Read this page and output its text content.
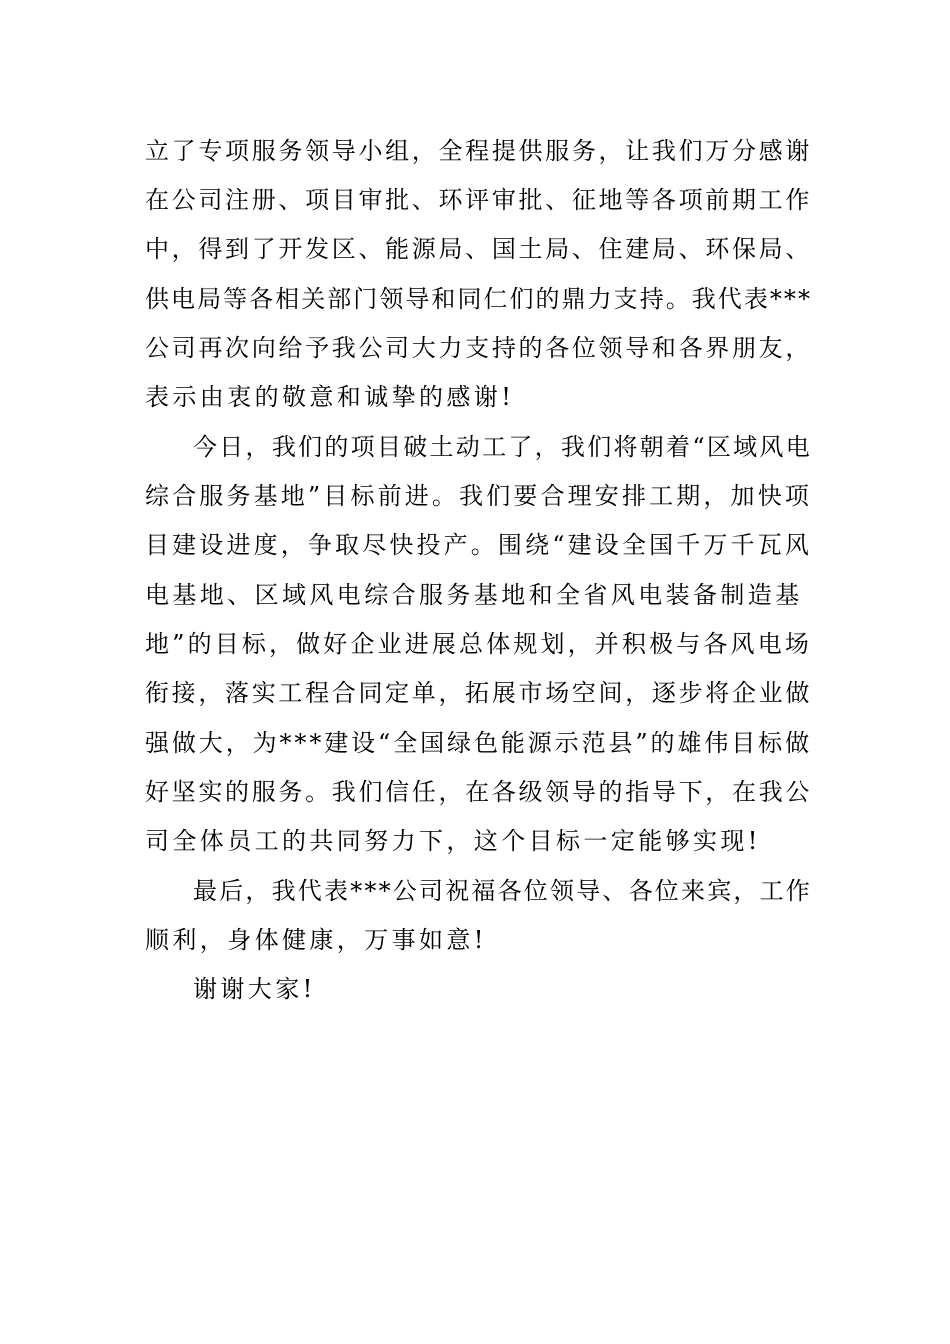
立了专项服务领导小组，全程提供服务，让我们万分感谢
在公司注册、项目审批、环评审批、征地等各项前期工作
中，得到了开发区、能源局、国土局、住建局、环保局、
供电局等各相关部门领导和同仁们的鼎力支持。我代表***
公司再次向给予我公司大力支持的各位领导和各界朋友，
表示由衷的敬意和诚挚的感谢!
今日，我们的项目破土动工了，我们将朝着“区域风电
综合服务基地”目标前进。我们要合理安排工期，加快项
目建设进度，争取尽快投产。围绕“建设全国千万千瓦风
电基地、区域风电综合服务基地和全省风电装备制造基
地”的目标，做好企业进展总体规划，并积极与各风电场
衔接，落实工程合同定单，拓展市场空间，逐步将企业做
强做大，为***建设“全国绿色能源示范县”的雄伟目标做
好坚实的服务。我们信任，在各级领导的指导下，在我公
司全体员工的共同努力下，这个目标一定能够实现!
最后，我代表***公司祝福各位领导、各位来宾，工作
顺利，身体健康，万事如意!
谢谢大家!
